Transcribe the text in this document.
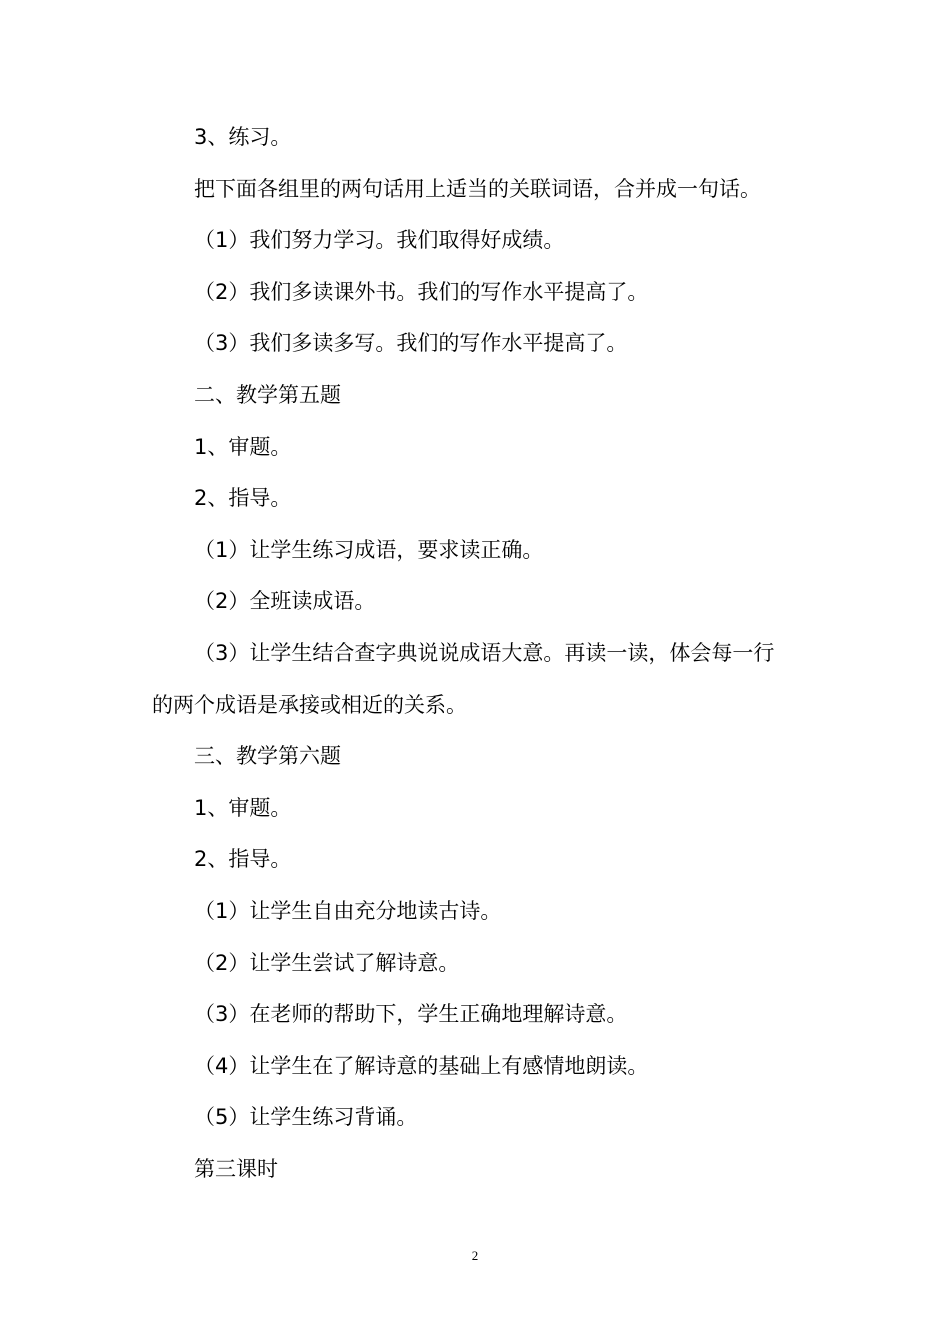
3、练习。

把下面各组里的两句话用上适当的关联词语，合并成一句话。

（1）我们努力学习。我们取得好成绩。

（2）我们多读课外书。我们的写作水平提高了。

（3）我们多读多写。我们的写作水平提高了。

二、教学第五题

1、审题。

2、指导。

（1）让学生练习成语，要求读正确。

（2）全班读成语。

（3）让学生结合查字典说说成语大意。再读一读，体会每一行的两个成语是承接或相近的关系。

三、教学第六题

1、审题。

2、指导。

（1）让学生自由充分地读古诗。

（2）让学生尝试了解诗意。

（3）在老师的帮助下，学生正确地理解诗意。

（4）让学生在了解诗意的基础上有感情地朗读。

（5）让学生练习背诵。

第三课时

2
